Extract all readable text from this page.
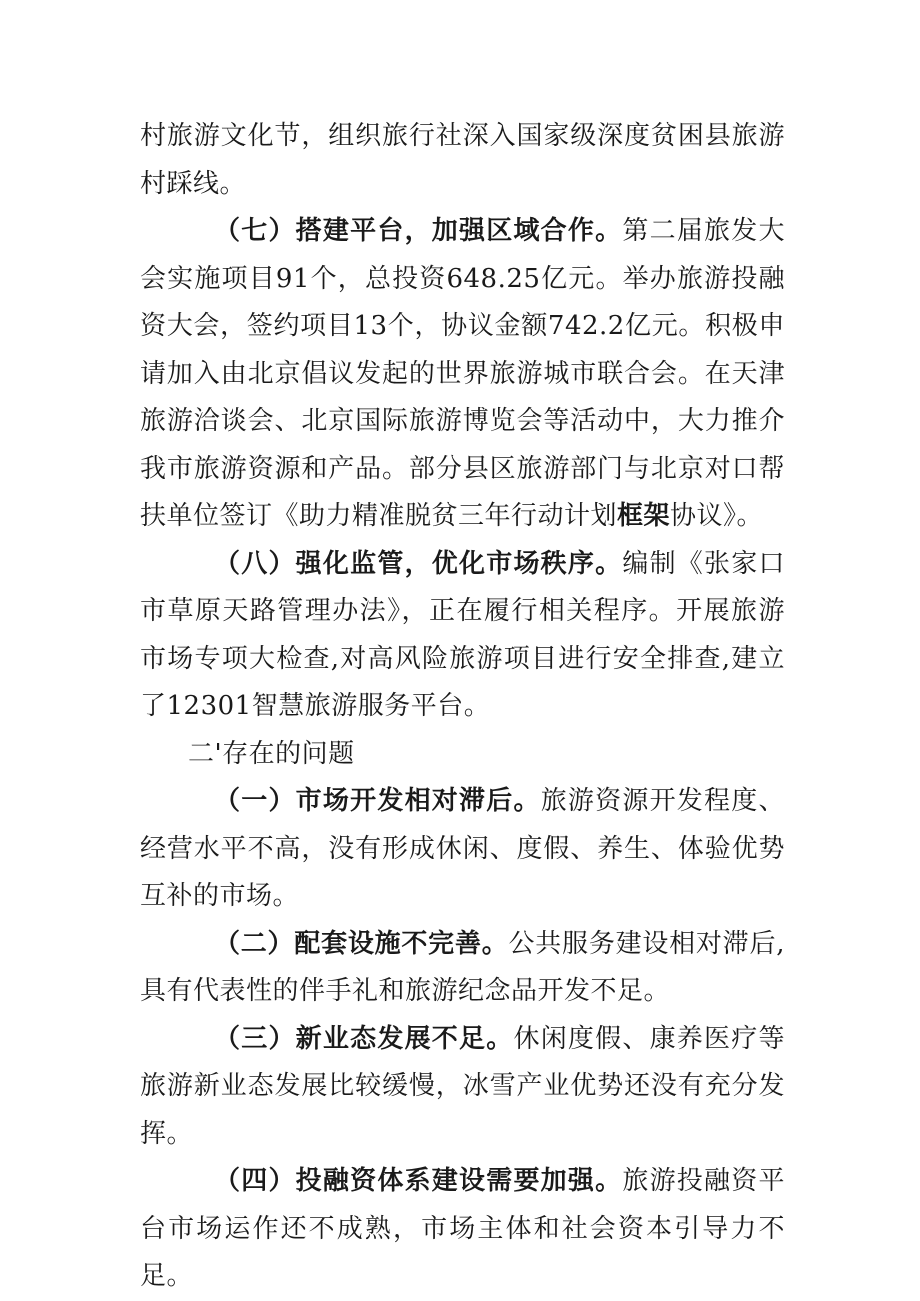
村旅游文化节，组织旅行社深入国家级深度贫困县旅游村踩线。

（七）搭建平台，加强区域合作。第二届旅发大会实施项目91个，总投资648.25亿元。举办旅游投融资大会，签约项目13个，协议金额742.2亿元。积极申请加入由北京倡议发起的世界旅游城市联合会。在天津旅游洽谈会、北京国际旅游博览会等活动中，大力推介我市旅游资源和产品。部分县区旅游部门与北京对口帮扶单位签订《助力精准脱贫三年行动计划框架协议》。

（八）强化监管，优化市场秩序。编制《张家口市草原天路管理办法》，正在履行相关程序。开展旅游市场专项大检查,对高风险旅游项目进行安全排查,建立了12301智慧旅游服务平台。

二'存在的问题

（一）市场开发相对滞后。旅游资源开发程度、经营水平不高，没有形成休闲、度假、养生、体验优势互补的市场。

（二）配套设施不完善。公共服务建设相对滞后,具有代表性的伴手礼和旅游纪念品开发不足。

（三）新业态发展不足。休闲度假、康养医疗等旅游新业态发展比较缓慢，冰雪产业优势还没有充分发挥。

（四）投融资体系建设需要加强。旅游投融资平台市场运作还不成熟，市场主体和社会资本引导力不足。
